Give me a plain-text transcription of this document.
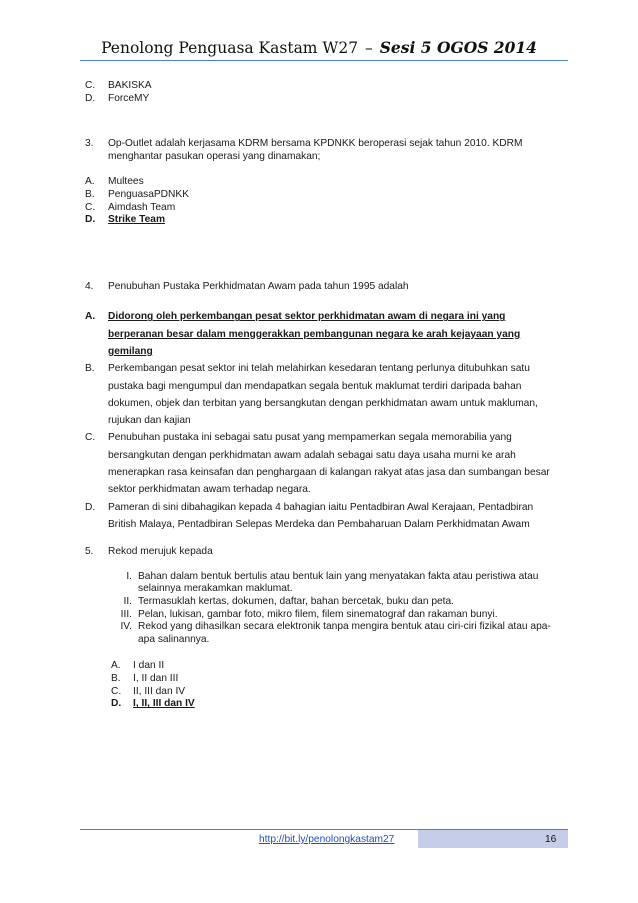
Penolong Penguasa Kastam W27 – Sesi 5 OGOS 2014
C.	BAKISKA
D.	ForceMY
3.	Op-Outlet adalah kerjasama KDRM bersama KPDNKK beroperasi sejak tahun 2010. KDRM menghantar pasukan operasi yang dinamakan;
A.	Multees
B.	PenguasaPDNKK
C.	Aimdash Team
D.	Strike Team
4.	Penubuhan Pustaka Perkhidmatan Awam pada tahun 1995 adalah
A.	Didorong oleh perkembangan pesat sektor perkhidmatan awam di negara ini yang berperanan besar dalam menggerakkan pembangunan negara ke arah kejayaan yang gemilang
B.	Perkembangan pesat sektor ini telah melahirkan kesedaran tentang perlunya ditubuhkan satu pustaka bagi mengumpul dan mendapatkan segala bentuk maklumat terdiri daripada bahan dokumen, objek dan terbitan yang bersangkutan dengan perkhidmatan awam untuk makluman, rujukan dan kajian
C.	Penubuhan pustaka ini sebagai satu pusat yang mempamerkan segala memorabilia yang bersangkutan dengan perkhidmatan awam adalah sebagai satu daya usaha murni ke arah menerapkan rasa keinsafan dan penghargaan di kalangan rakyat atas jasa dan sumbangan besar sektor perkhidmatan awam terhadap negara.
D.	Pameran di sini dibahagikan kepada 4 bahagian iaitu Pentadbiran Awal Kerajaan, Pentadbiran British Malaya, Pentadbiran Selepas Merdeka dan Pembaharuan Dalam Perkhidmatan Awam
5.	Rekod merujuk kepada
I. Bahan dalam bentuk bertulis atau bentuk lain yang menyatakan fakta atau peristiwa atau selainnya merakamkan maklumat.
II. Termasuklah kertas, dokumen, daftar, bahan bercetak, buku dan peta.
III. Pelan, lukisan, gambar foto, mikro filem, filem sinematograf dan rakaman bunyi.
IV. Rekod yang dihasilkan secara elektronik tanpa mengira bentuk atau ciri-ciri fizikal atau apa-apa salinannya.
A.	I dan II
B.	I, II dan III
C.	II, III dan IV
D.	I, II, III dan IV
http://bit.ly/penolongkastam27	16
